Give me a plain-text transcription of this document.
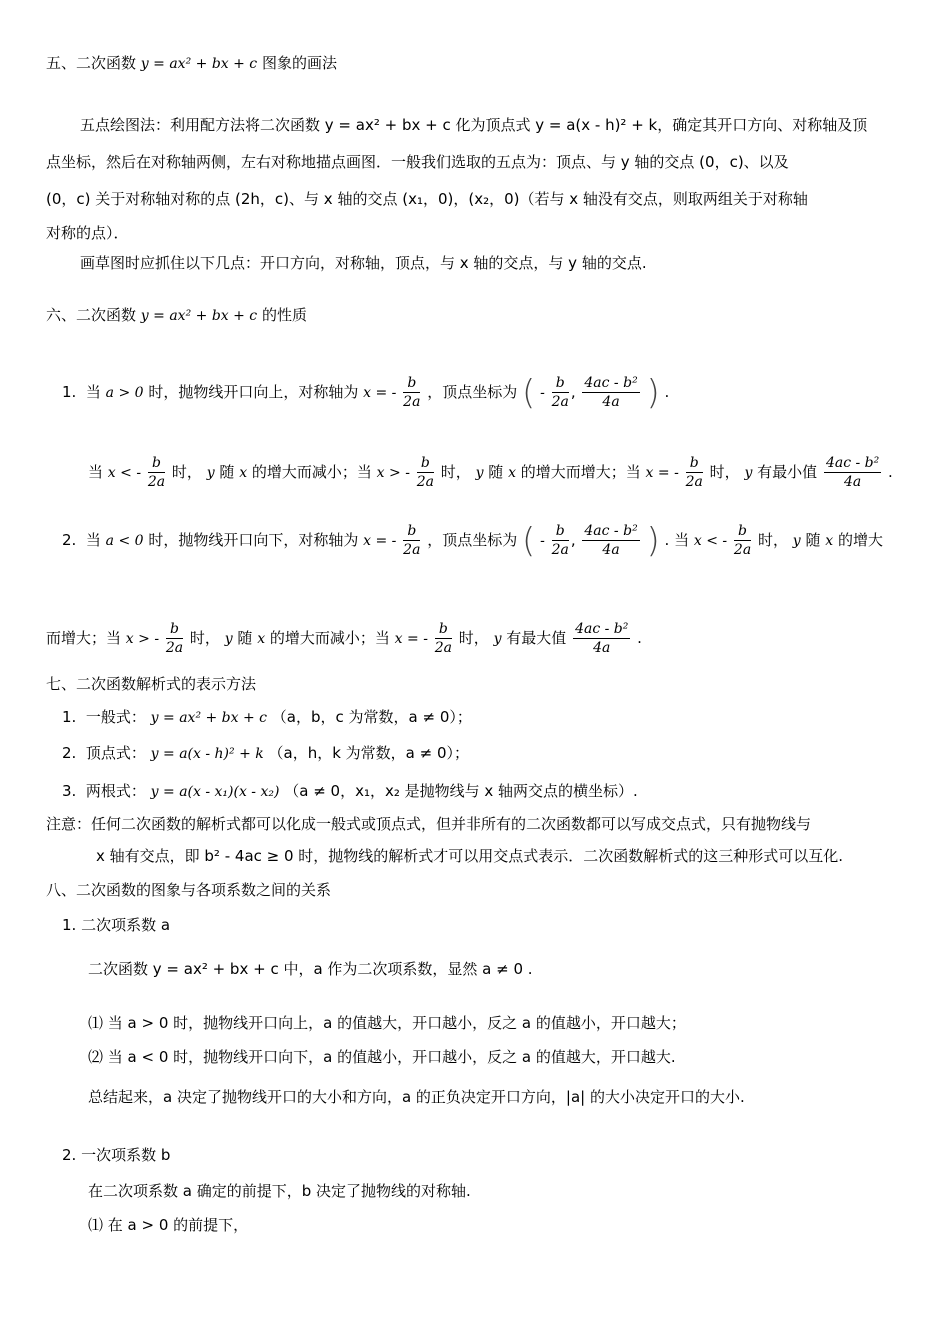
五、二次函数 y = ax² + bx + c 图象的画法
五点绘图法：利用配方法将二次函数 y = ax² + bx + c 化为顶点式 y = a(x - h)² + k，确定其开口方向、对称轴及顶
点坐标，然后在对称轴两侧，左右对称地描点画图．一般我们选取的五点为：顶点、与 y 轴的交点 (0，c)、以及
(0，c) 关于对称轴对称的点 (2h，c)、与 x 轴的交点 (x₁，0)，(x₂，0)（若与 x 轴没有交点，则取两组关于对称轴
对称的点）．
画草图时应抓住以下几点：开口方向，对称轴，顶点，与 x 轴的交点，与 y 轴的交点.
六、二次函数 y = ax² + bx + c 的性质
1. 当 a > 0 时，抛物线开口向上，对称轴为 x = - $\frac{b}{2a}$ ，顶点坐标为 ( - $\frac{b}{2a}$ , $\frac{\text{4ac - b²}}{4a}$ ) .
当 x < - $\frac{b}{2a}$ 时， y 随 x 的增大而减小；当 x > - $\frac{b}{2a}$ 时， y 随 x 的增大而增大；当 x = - $\frac{b}{2a}$ 时， y 有最小值 $\frac{\text{4ac - b²}}{4a}$ .
2. 当 a < 0 时，抛物线开口向下，对称轴为 x = - $\frac{b}{2a}$ ，顶点坐标为 ( - $\frac{b}{2a}$ , $\frac{\text{4ac - b²}}{4a}$ ) . 当 x < - $\frac{b}{2a}$ 时， y 随 x 的增大
而增大；当 x > - $\frac{b}{2a}$ 时， y 随 x 的增大而减小；当 x = - $\frac{b}{2a}$ 时， y 有最大值 $\frac{\text{4ac - b²}}{4a}$ .
七、二次函数解析式的表示方法
1. 一般式： y = ax² + bx + c （a，b，c 为常数，a ≠ 0）；
2. 顶点式： y = a(x - h)² + k （a，h，k 为常数，a ≠ 0）；
3. 两根式： y = a(x - x₁)(x - x₂) （a ≠ 0，x₁，x₂ 是抛物线与 x 轴两交点的横坐标）.
注意：任何二次函数的解析式都可以化成一般式或顶点式，但并非所有的二次函数都可以写成交点式，只有抛物线与
x 轴有交点，即 b² - 4ac ≥ 0 时，抛物线的解析式才可以用交点式表示．二次函数解析式的这三种形式可以互化.
八、二次函数的图象与各项系数之间的关系
1. 二次项系数 a
二次函数 y = ax² + bx + c 中，a 作为二次项系数，显然 a ≠ 0 .
⑴ 当 a > 0 时，抛物线开口向上，a 的值越大，开口越小，反之 a 的值越小，开口越大；
⑵ 当 a < 0 时，抛物线开口向下，a 的值越小，开口越小，反之 a 的值越大，开口越大.
总结起来，a 决定了抛物线开口的大小和方向，a 的正负决定开口方向，|a| 的大小决定开口的大小.
2. 一次项系数 b
在二次项系数 a 确定的前提下，b 决定了抛物线的对称轴.
⑴ 在 a > 0 的前提下，
